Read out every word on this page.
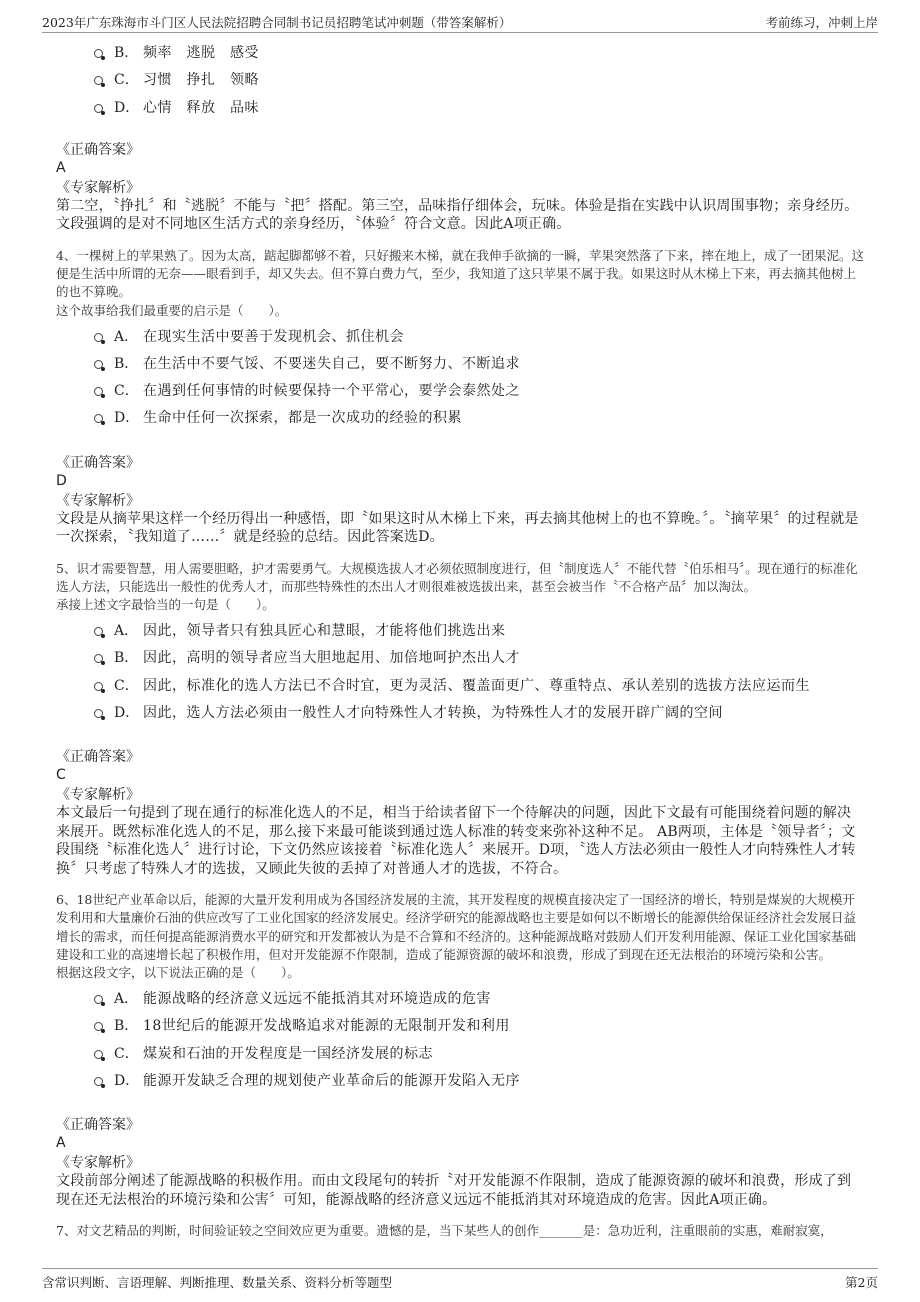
2023年广东珠海市斗门区人民法院招聘合同制书记员招聘笔试冲刺题（带答案解析）	考前练习，冲刺上岸
B． 频率　逃脱　感受
C． 习惯　挣扎　领略
D． 心情　释放　品味
《正确答案》
A
《专家解析》
第二空，〝挣扎〞和〝逃脱〞不能与〝把〞搭配。第三空，品味指仔细体会，玩味。体验是指在实践中认识周围事物；亲身经历。文段强调的是对不同地区生活方式的亲身经历，〝体验〞符合文意。因此A项正确。
4、一棵树上的苹果熟了。因为太高，踮起脚都够不着，只好搬来木梯，就在我伸手欲摘的一瞬，苹果突然落了下来，摔在地上，成了一团果泥。这便是生活中所谓的无奈——眼看到手，却又失去。但不算白费力气，至少，我知道了这只苹果不属于我。如果这时从木梯上下来，再去摘其他树上的也不算晚。
这个故事给我们最重要的启示是（　　）。
A． 在现实生活中要善于发现机会、抓住机会
B． 在生活中不要气馁、不要迷失自己，要不断努力、不断追求
C． 在遇到任何事情的时候要保持一个平常心，要学会泰然处之
D． 生命中任何一次探索，都是一次成功的经验的积累
《正确答案》
D
《专家解析》
文段是从摘苹果这样一个经历得出一种感悟，即〝如果这时从木梯上下来，再去摘其他树上的也不算晚。〞。〝摘苹果〞的过程就是一次探索，〝我知道了……〞就是经验的总结。因此答案选D。
5、识才需要智慧，用人需要胆略，护才需要勇气。大规模选拔人才必须依照制度进行，但〝制度选人〞不能代替〝伯乐相马〞。现在通行的标准化选人方法，只能选出一般性的优秀人才，而那些特殊性的杰出人才则很难被选拔出来，甚至会被当作〝不合格产品〞加以淘汰。
承接上述文字最恰当的一句是（　　）。
A． 因此，领导者只有独具匠心和慧眼，才能将他们挑选出来
B． 因此，高明的领导者应当大胆地起用、加倍地呵护杰出人才
C． 因此，标准化的选人方法已不合时宜，更为灵活、覆盖面更广、尊重特点、承认差别的选拔方法应运而生
D． 因此，选人方法必须由一般性人才向特殊性人才转换，为特殊性人才的发展开辟广阔的空间
《正确答案》
C
《专家解析》
本文最后一句提到了现在通行的标准化选人的不足，相当于给读者留下一个待解决的问题，因此下文最有可能围绕着问题的解决来展开。既然标准化选人的不足，那么接下来最可能谈到通过选人标准的转变来弥补这种不足。 AB两项，主体是〝领导者〞；文段围绕〝标准化选人〞进行讨论，下文仍然应该接着〝标准化选人〞来展开。D项，〝选人方法必须由一般性人才向特殊性人才转换〞只考虑了特殊人才的选拔，又顾此失彼的丢掉了对普通人才的选拔，不符合。
6、18世纪产业革命以后，能源的大量开发利用成为各国经济发展的主流，其开发程度的规模直接决定了一国经济的增长，特别是煤炭的大规模开发利用和大量廉价石油的供应改写了工业化国家的经济发展史。经济学研究的能源战略也主要是如何以不断增长的能源供给保证经济社会发展日益增长的需求，而任何提高能源消费水平的研究和开发都被认为是不合算和不经济的。这种能源战略对鼓励人们开发利用能源、保证工业化国家基础建设和工业的高速增长起了积极作用，但对开发能源不作限制，造成了能源资源的破坏和浪费，形成了到现在还无法根治的环境污染和公害。
根据这段文字，以下说法正确的是（　　）。
A． 能源战略的经济意义远远不能抵消其对环境造成的危害
B． 18世纪后的能源开发战略追求对能源的无限制开发和利用
C． 煤炭和石油的开发程度是一国经济发展的标志
D． 能源开发缺乏合理的规划使产业革命后的能源开发陷入无序
《正确答案》
A
《专家解析》
文段前部分阐述了能源战略的积极作用。而由文段尾句的转折〝对开发能源不作限制，造成了能源资源的破坏和浪费，形成了到现在还无法根治的环境污染和公害〞可知，能源战略的经济意义远远不能抵消其对环境造成的危害。因此A项正确。
7、对文艺精品的判断，时间验证较之空间效应更为重要。遗憾的是，当下某些人的创作_______是：急功近利，注重眼前的实惠，难耐寂寞，
含常识判断、言语理解、判断推理、数量关系、资料分析等题型	第2页
